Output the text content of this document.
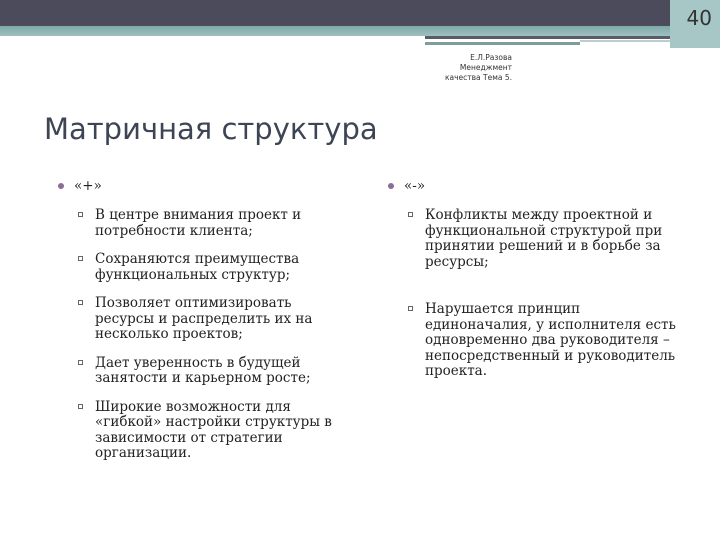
40
Е.Л.Разова
Менеджмент
качества Тема 5.
Матричная структура
«+»
В центре внимания проект и потребности клиента;
Сохраняются преимущества функциональных структур;
Позволяет оптимизировать ресурсы и распределить их на несколько проектов;
Дает уверенность в будущей занятости и карьерном росте;
Широкие возможности для «гибкой» настройки структуры в зависимости от стратегии организации.
«-»
Конфликты между проектной и функциональной структурой при принятии решений и в борьбе за ресурсы;
Нарушается принцип единоначалия, у исполнителя есть одновременно два руководителя – непосредственный и руководитель проекта.
